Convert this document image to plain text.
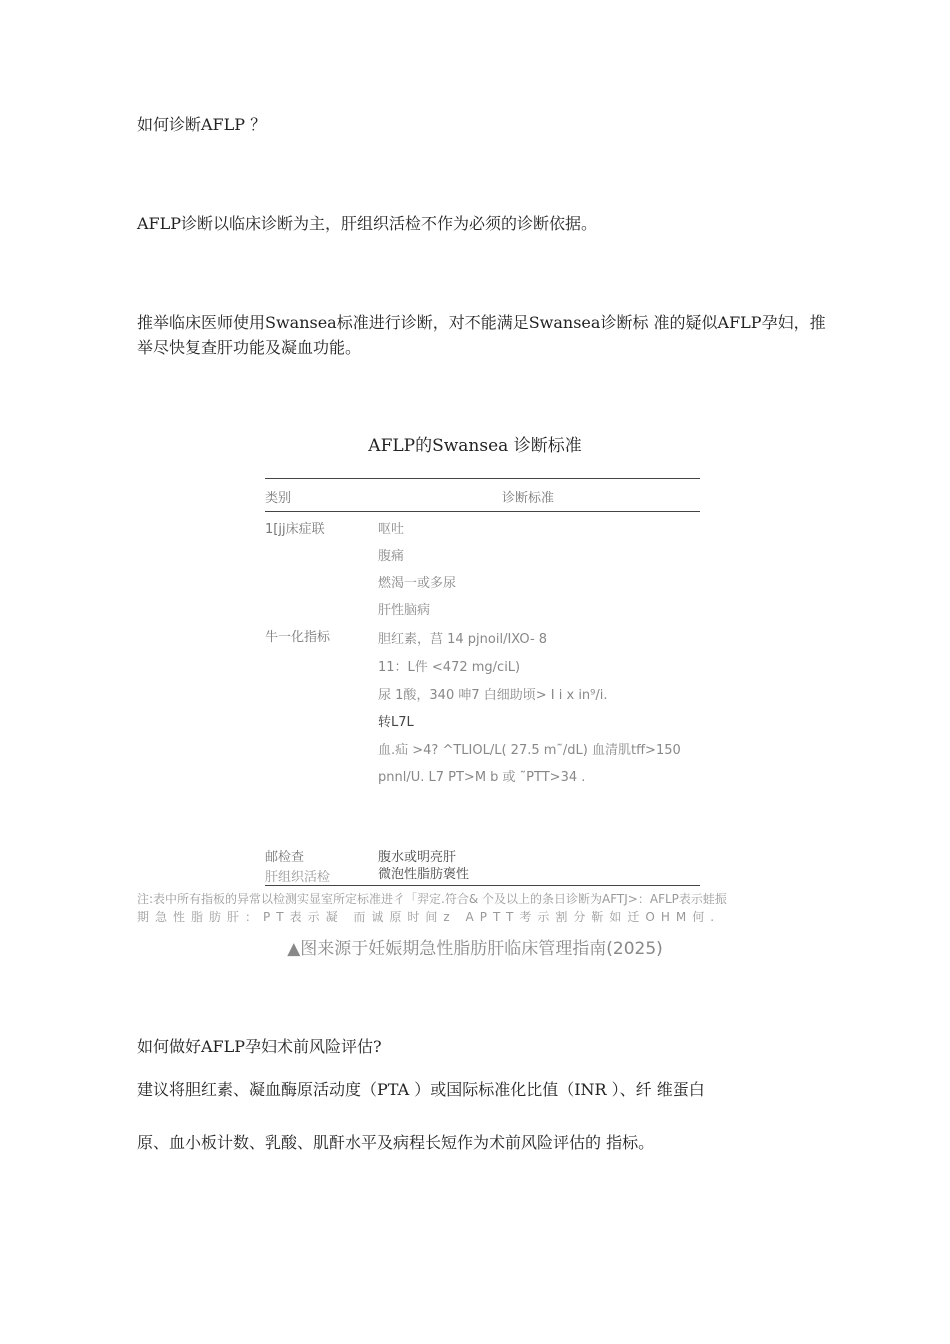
如何诊断AFLP ？
AFLP诊断以临床诊断为主，肝组织活检不作为必须的诊断依据。
推举临床医师使用Swansea标准进行诊断，对不能满足Swansea诊断标 准的疑似AFLP孕妇，推举尽快复查肝功能及凝血功能。
AFLP的Swansea 诊断标准
类别	诊断标准
1[jj床症联	呕吐
腹痛
燃渴一或多尿
肝性脑病
牛一化指标	胆红素，莒 14 pjnoil/IXO- 8
11：L件 <472 mg/ciL)
尿 1酸，340 呻7 白细助顷> I i x in⁹/i.
转L7L
血.疝 >4? ^TLIOL/L( 27.5 m˜/dL) 血清肌tff>150
pnnl/U. L7 PT>M b 或 ˜PTT>34 .
邮检查	腹水或明亮肝
肝组织活检	微泡性脂肪褒性
注:表中所有指板的异常以检测实显室所定标准进彳「羿定.符合& 个及以上的条日诊断为AFTJ>：AFLP表示蛙振
期急性脂肪肝：PT表示凝 而诚原时间z APTT考示割分靳如迁OHM何.
▲图来源于妊娠期急性脂肪肝临床管理指南(2025)
如何做好AFLP孕妇术前风险评估?
建议将胆红素、凝血酶原活动度（PTA ）或国际标准化比值（INR ）、纤 维蛋白
原、血小板计数、乳酸、肌酐水平及病程长短作为术前风险评估的 指标。
